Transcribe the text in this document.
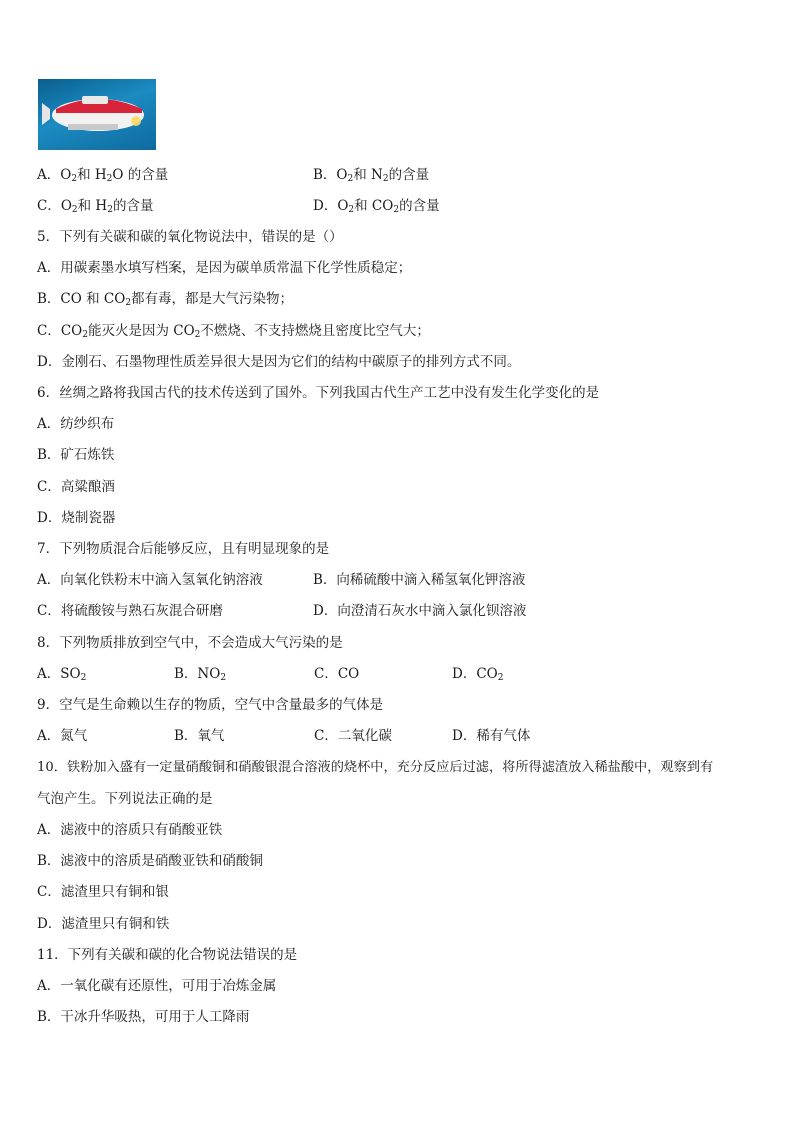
A．$O_2$和 $H_2O$ 的含量	B．$O_2$和 $N_2$的含量
C．$O_2$和 $H_2$的含量	D．$O_2$和 $CO_2$的含量
5．下列有关碳和碳的氧化物说法中，错误的是（）
A．用碳素墨水填写档案，是因为碳单质常温下化学性质稳定；
B．CO 和 $CO_2$都有毒，都是大气污染物；
C．$CO_2$能灭火是因为 $CO_2$不燃烧、不支持燃烧且密度比空气大；
D．金刚石、石墨物理性质差异很大是因为它们的结构中碳原子的排列方式不同。
6．丝绸之路将我国古代的技术传送到了国外。下列我国古代生产工艺中没有发生化学变化的是
A．纺纱织布
B．矿石炼铁
C．高粱酿酒
D．烧制瓷器
7．下列物质混合后能够反应，且有明显现象的是
A．向氧化铁粉末中滴入氢氧化钠溶液	B．向稀硫酸中滴入稀氢氧化钾溶液
C．将硫酸铵与熟石灰混合研磨	D．向澄清石灰水中滴入氯化钡溶液
8．下列物质排放到空气中，不会造成大气污染的是
A．$SO_2$	B．$NO_2$	C．CO	D．$CO_2$
9．空气是生命赖以生存的物质，空气中含量最多的气体是
A．氮气	B．氧气	C．二氧化碳	D．稀有气体
10．铁粉加入盛有一定量硝酸铜和硝酸银混合溶液的烧杯中，充分反应后过滤，将所得滤渣放入稀盐酸中，观察到有
气泡产生。下列说法正确的是
A．滤液中的溶质只有硝酸亚铁
B．滤液中的溶质是硝酸亚铁和硝酸铜
C．滤渣里只有铜和银
D．滤渣里只有铜和铁
11．下列有关碳和碳的化合物说法错误的是
A．一氧化碳有还原性，可用于冶炼金属
B．干冰升华吸热，可用于人工降雨
